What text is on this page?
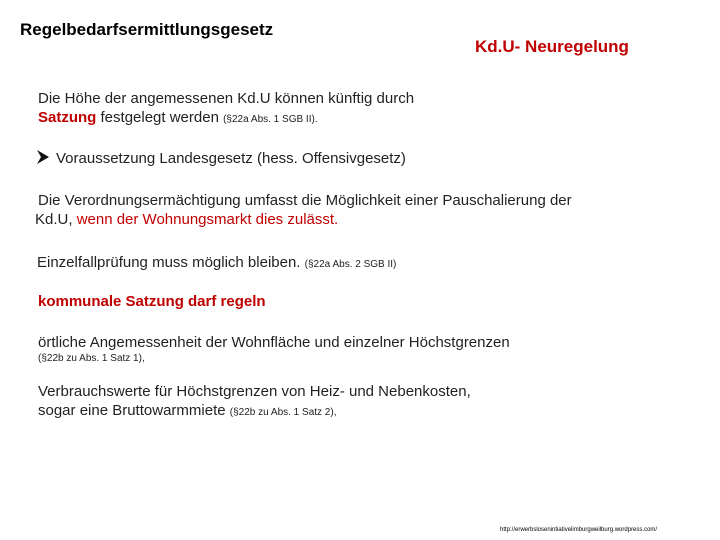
Regelbedarfsermittlungsgesetz
Kd.U- Neuregelung
Die Höhe der angemessenen Kd.U können künftig durch
Satzung festgelegt werden (§22a Abs. 1 SGB II).
Voraussetzung Landesgesetz (hess. Offensivgesetz)
Die Verordnungsermächtigung umfasst die Möglichkeit einer Pauschalierung der
Kd.U, wenn der Wohnungsmarkt dies zulässt.
Einzelfallprüfung muss möglich bleiben. (§22a Abs. 2 SGB II)
kommunale Satzung darf regeln
örtliche Angemessenheit der Wohnfläche und einzelner Höchstgrenzen
(§22b zu Abs. 1 Satz 1),
Verbrauchswerte für Höchstgrenzen von Heiz- und Nebenkosten,
sogar eine Bruttowarmmiete (§22b zu Abs. 1 Satz 2),
http://erwerbslosenintiativelimburgweilburg.wordpress.com/
